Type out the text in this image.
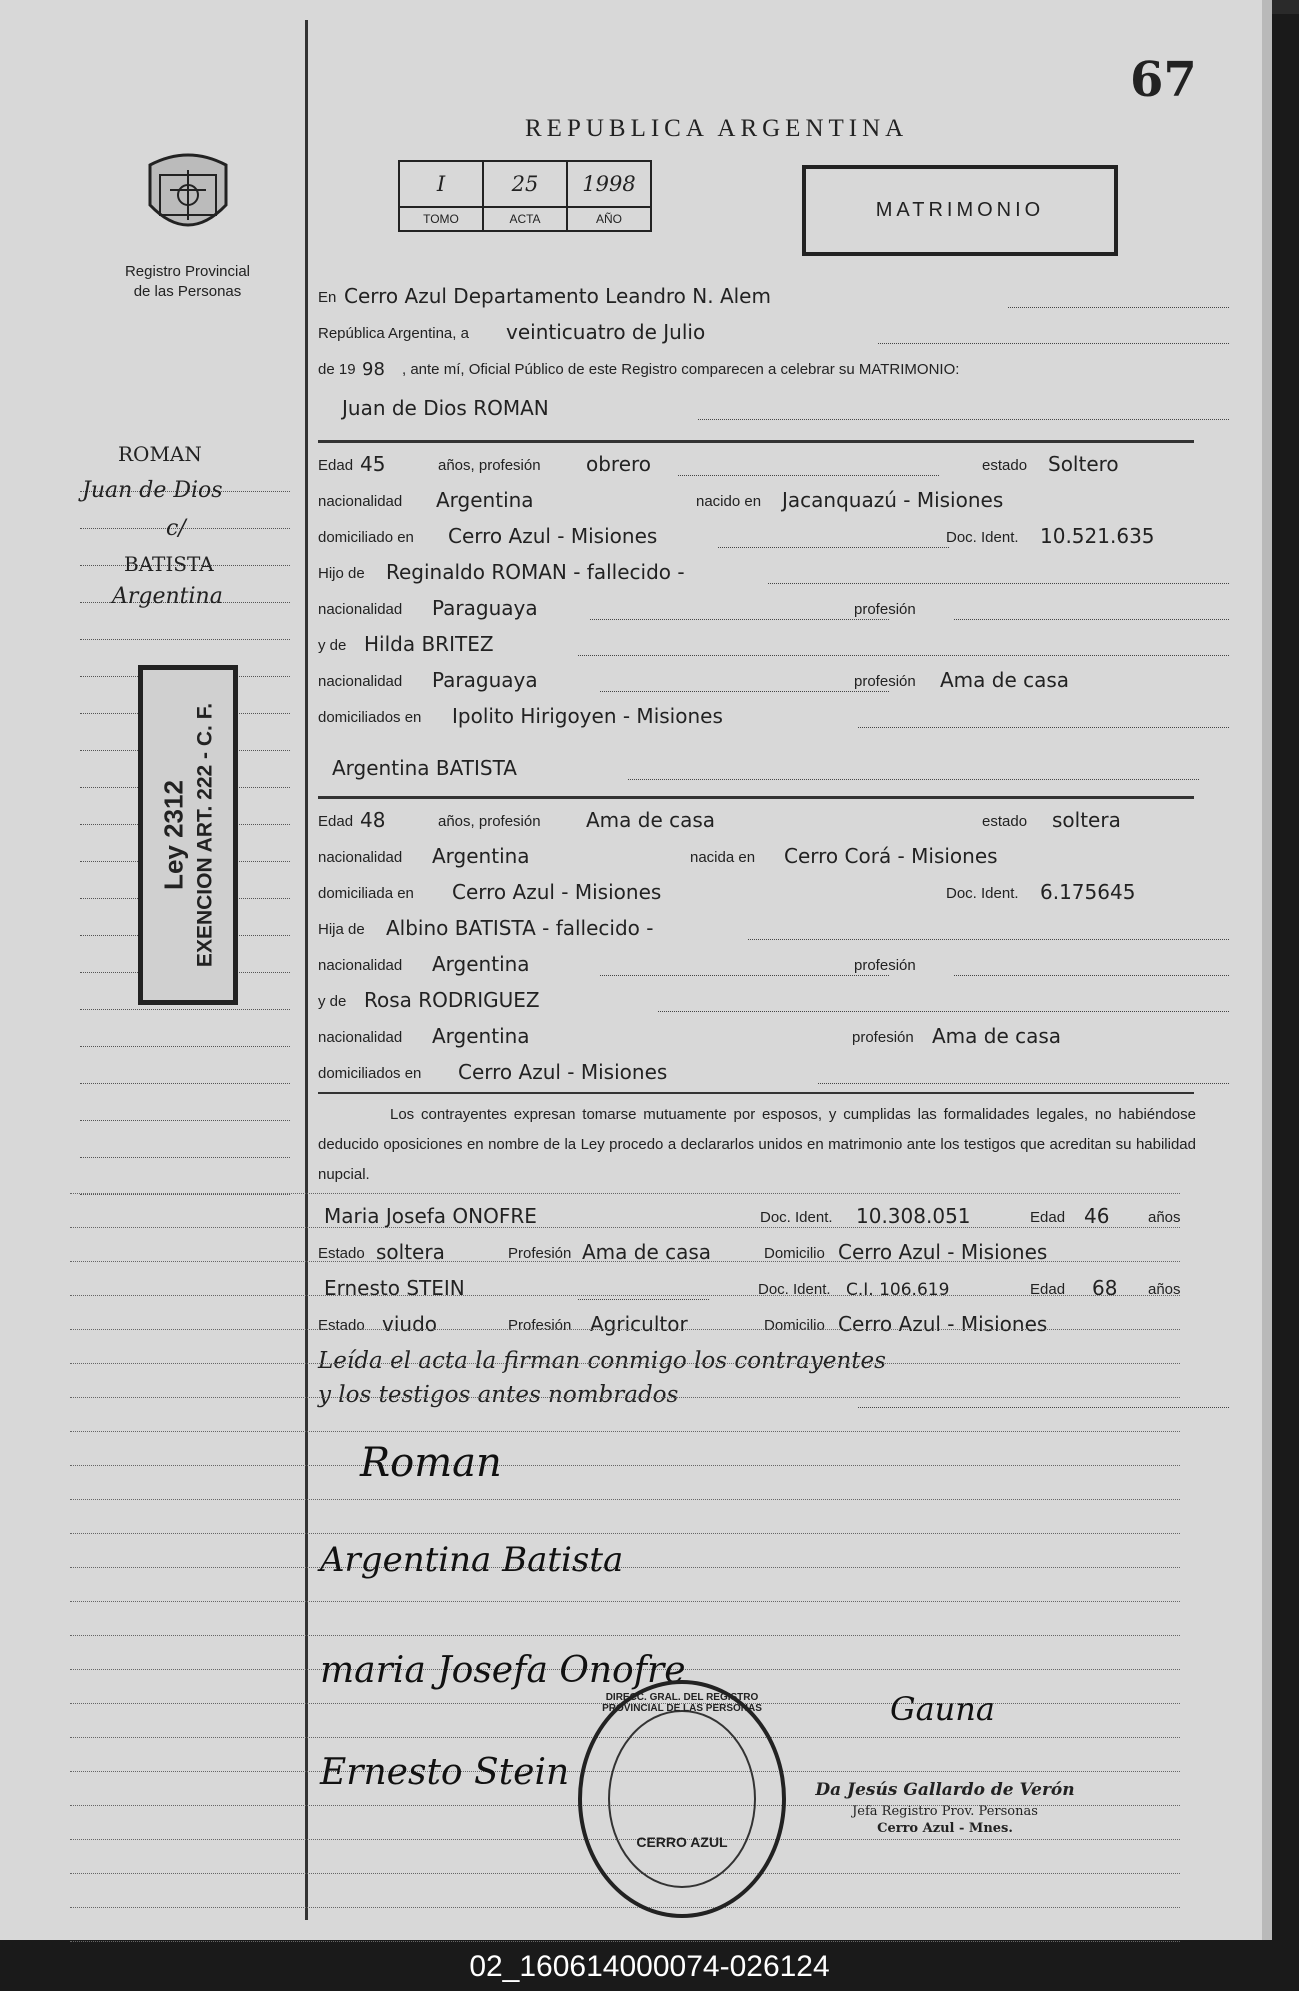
Registro Provincial
de las Personas
ROMAN
Juan de Dios
c/
BATISTA
Argentina
Ley 2312 EXENCION ART. 222 - C. F.
67
REPUBLICA ARGENTINA
I	25	1998
TOMO	ACTA	AÑO	MATRIMONIO
En Cerro Azul Departamento Leandro N. Alem
República Argentina, a veinticuatro de Julio
de 19 98 , ante mí, Oficial Público de este Registro comparecen a celebrar su MATRIMONIO:
Juan de Dios ROMAN
Edad 45	años, profesión obrero	estado Soltero
nacionalidad Argentina	nacido en Jacanquazú - Misiones
domiciliado en Cerro Azul - Misiones	Doc. Ident. 10.521.635
Hijo de Reginaldo ROMAN - fallecido -
nacionalidad Paraguaya	profesión
y de Hilda BRITEZ
nacionalidad Paraguaya	profesión Ama de casa
domiciliados en Ipolito Hirigoyen - Misiones
Argentina BATISTA
Edad 48	años, profesión Ama de casa	estado soltera
nacionalidad Argentina	nacida en Cerro Corá - Misiones
domiciliada en Cerro Azul - Misiones	Doc. Ident. 6.175645
Hija de Albino BATISTA - fallecido -
nacionalidad Argentina	profesión
y de Rosa RODRIGUEZ
nacionalidad Argentina	profesión Ama de casa
domiciliados en Cerro Azul - Misiones
Los contrayentes expresan tomarse mutuamente por esposos, y cumplidas las formalidades legales, no habiéndose deducido oposiciones en nombre de la Ley procedo a declararlos unidos en matrimonio ante los testigos que acreditan su habilidad nupcial.
Maria Josefa ONOFRE	Doc. Ident. 10.308.051	Edad 46	años
Estado soltera	Profesión Ama de casa	Domicilio Cerro Azul - Misiones
Ernesto STEIN	Doc. Ident. C.I. 106.619	Edad 68 años
Estado viudo	Profesión Agricultor	Domicilio Cerro Azul - Misiones
Leída el acta la firman conmigo los contrayentes
y los testigos antes nombrados
Roman
Argentina Batista
maria Josefa Onofre
Ernesto Stein
Gauna
DIRECC. GRAL. DEL REGISTRO PROVINCIAL DE LAS PERSONAS
CERRO AZUL
Da Jesús Gallardo de Verón
Jefa Registro Prov. Personas
Cerro Azul - Mnes.
02_160614000074-026124
